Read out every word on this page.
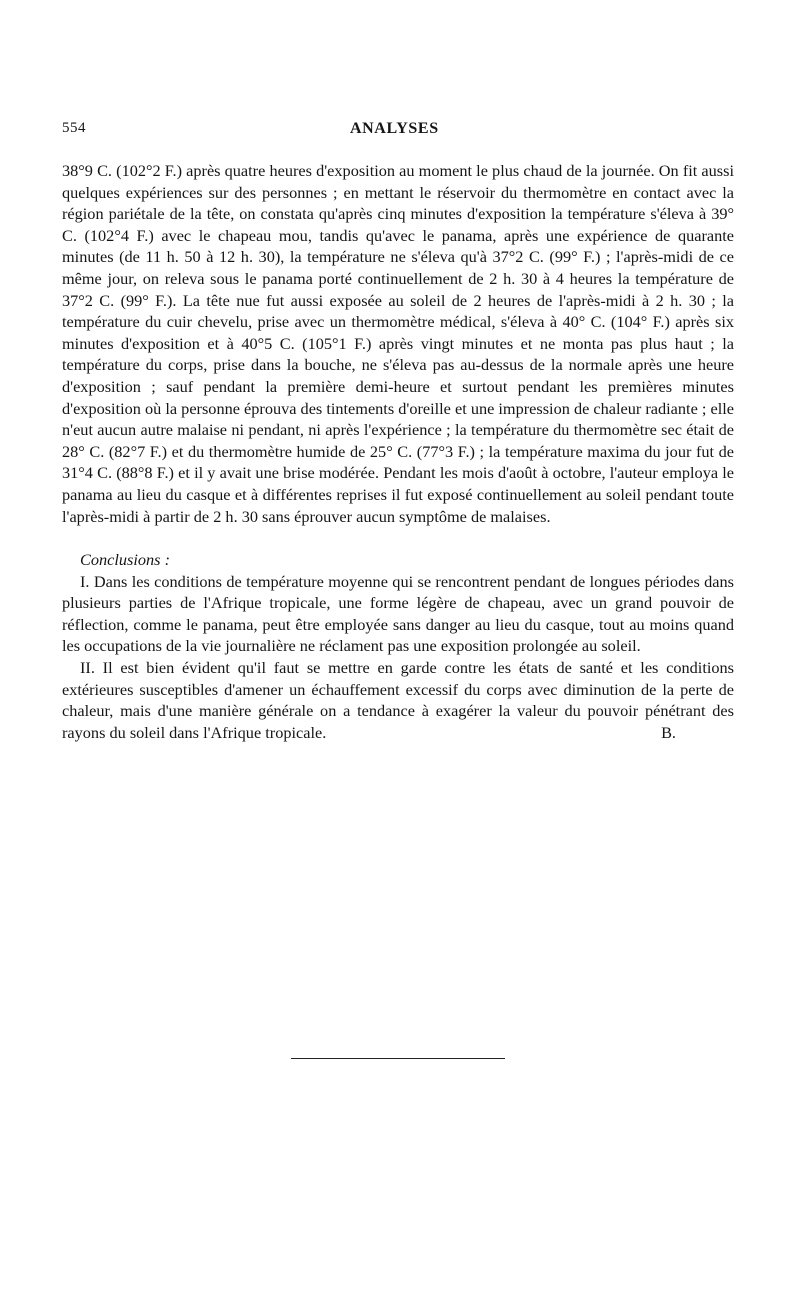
554	ANALYSES

38°9 C. (102°2 F.) après quatre heures d'exposition au moment le plus chaud de la journée. On fit aussi quelques expériences sur des personnes ; en mettant le réservoir du thermomètre en contact avec la région pariétale de la tête, on constata qu'après cinq minutes d'exposition la température s'éleva à 39° C. (102°4 F.) avec le chapeau mou, tandis qu'avec le panama, après une expérience de quarante minutes (de 11 h. 50 à 12 h. 30), la température ne s'éleva qu'à 37°2 C. (99° F.) ; l'après-midi de ce même jour, on releva sous le panama porté continuellement de 2 h. 30 à 4 heures la température de 37°2 C. (99° F.). La tête nue fut aussi exposée au soleil de 2 heures de l'après-midi à 2 h. 30 ; la température du cuir chevelu, prise avec un thermomètre médical, s'éleva à 40° C. (104° F.) après six minutes d'exposition et à 40°5 C. (105°1 F.) après vingt minutes et ne monta pas plus haut ; la température du corps, prise dans la bouche, ne s'éleva pas au-dessus de la normale après une heure d'exposition ; sauf pendant la première demi-heure et surtout pendant les premières minutes d'exposition où la personne éprouva des tintements d'oreille et une impression de chaleur radiante ; elle n'eut aucun autre malaise ni pendant, ni après l'expérience ; la température du thermomètre sec était de 28° C. (82°7 F.) et du thermomètre humide de 25° C. (77°3 F.) ; la température maxima du jour fut de 31°4 C. (88°8 F.) et il y avait une brise modérée. Pendant les mois d'août à octobre, l'auteur employa le panama au lieu du casque et à différentes reprises il fut exposé continuellement au soleil pendant toute l'après-midi à partir de 2 h. 30 sans éprouver aucun symptôme de malaises.

Conclusions :

I. Dans les conditions de température moyenne qui se rencontrent pendant de longues périodes dans plusieurs parties de l'Afrique tropicale, une forme légère de chapeau, avec un grand pouvoir de réflection, comme le panama, peut être employée sans danger au lieu du casque, tout au moins quand les occupations de la vie journalière ne réclament pas une exposition prolongée au soleil.

II. Il est bien évident qu'il faut se mettre en garde contre les états de santé et les conditions extérieures susceptibles d'amener un échauffement excessif du corps avec diminution de la perte de chaleur, mais d'une manière générale on a tendance à exagérer la valeur du pouvoir pénétrant des rayons du soleil dans l'Afrique tropicale.	B.
